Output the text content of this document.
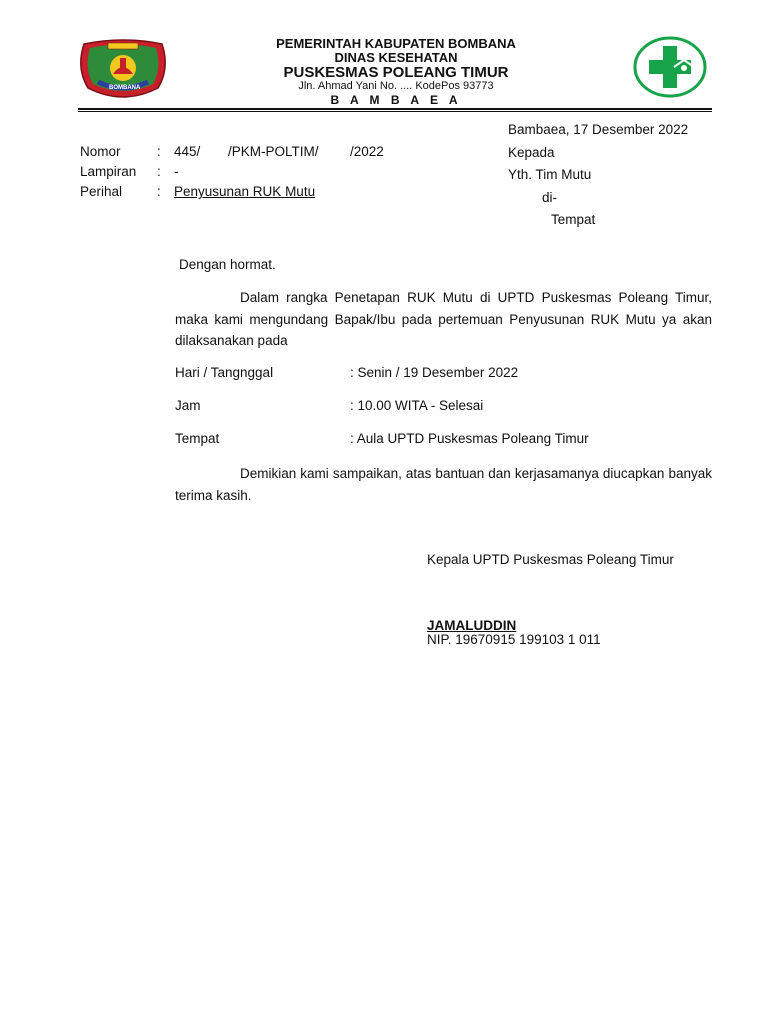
BOMBANA
PEMERINTAH KABUPATEN BOMBANA
DINAS KESEHATAN
PUSKESMAS POLEANG TIMUR
Jln. Ahmad Yani No. .... KodePos 93773
B A M B A E A
Bambaea, 17 Desember 2022
Kepada
Yth. Tim Mutu
di-
Tempat
Nomor	: 445/ /PKM-POLTIM/ /2022
Lampiran : -
Perihal	: Penyusunan RUK Mutu
Dengan hormat.
Dalam rangka Penetapan RUK Mutu di UPTD Puskesmas Poleang Timur, maka kami mengundang Bapak/Ibu pada pertemuan Penyusunan RUK Mutu ya akan dilaksanakan pada
Hari / Tangnggal	: Senin / 19 Desember 2022
Jam	: 10.00 WITA - Selesai
Tempat	: Aula UPTD Puskesmas Poleang Timur
Demikian kami sampaikan, atas bantuan dan kerjasamanya diucapkan banyak terima kasih.
Kepala UPTD Puskesmas Poleang Timur
JAMALUDDIN
NIP. 19670915 199103 1 011
